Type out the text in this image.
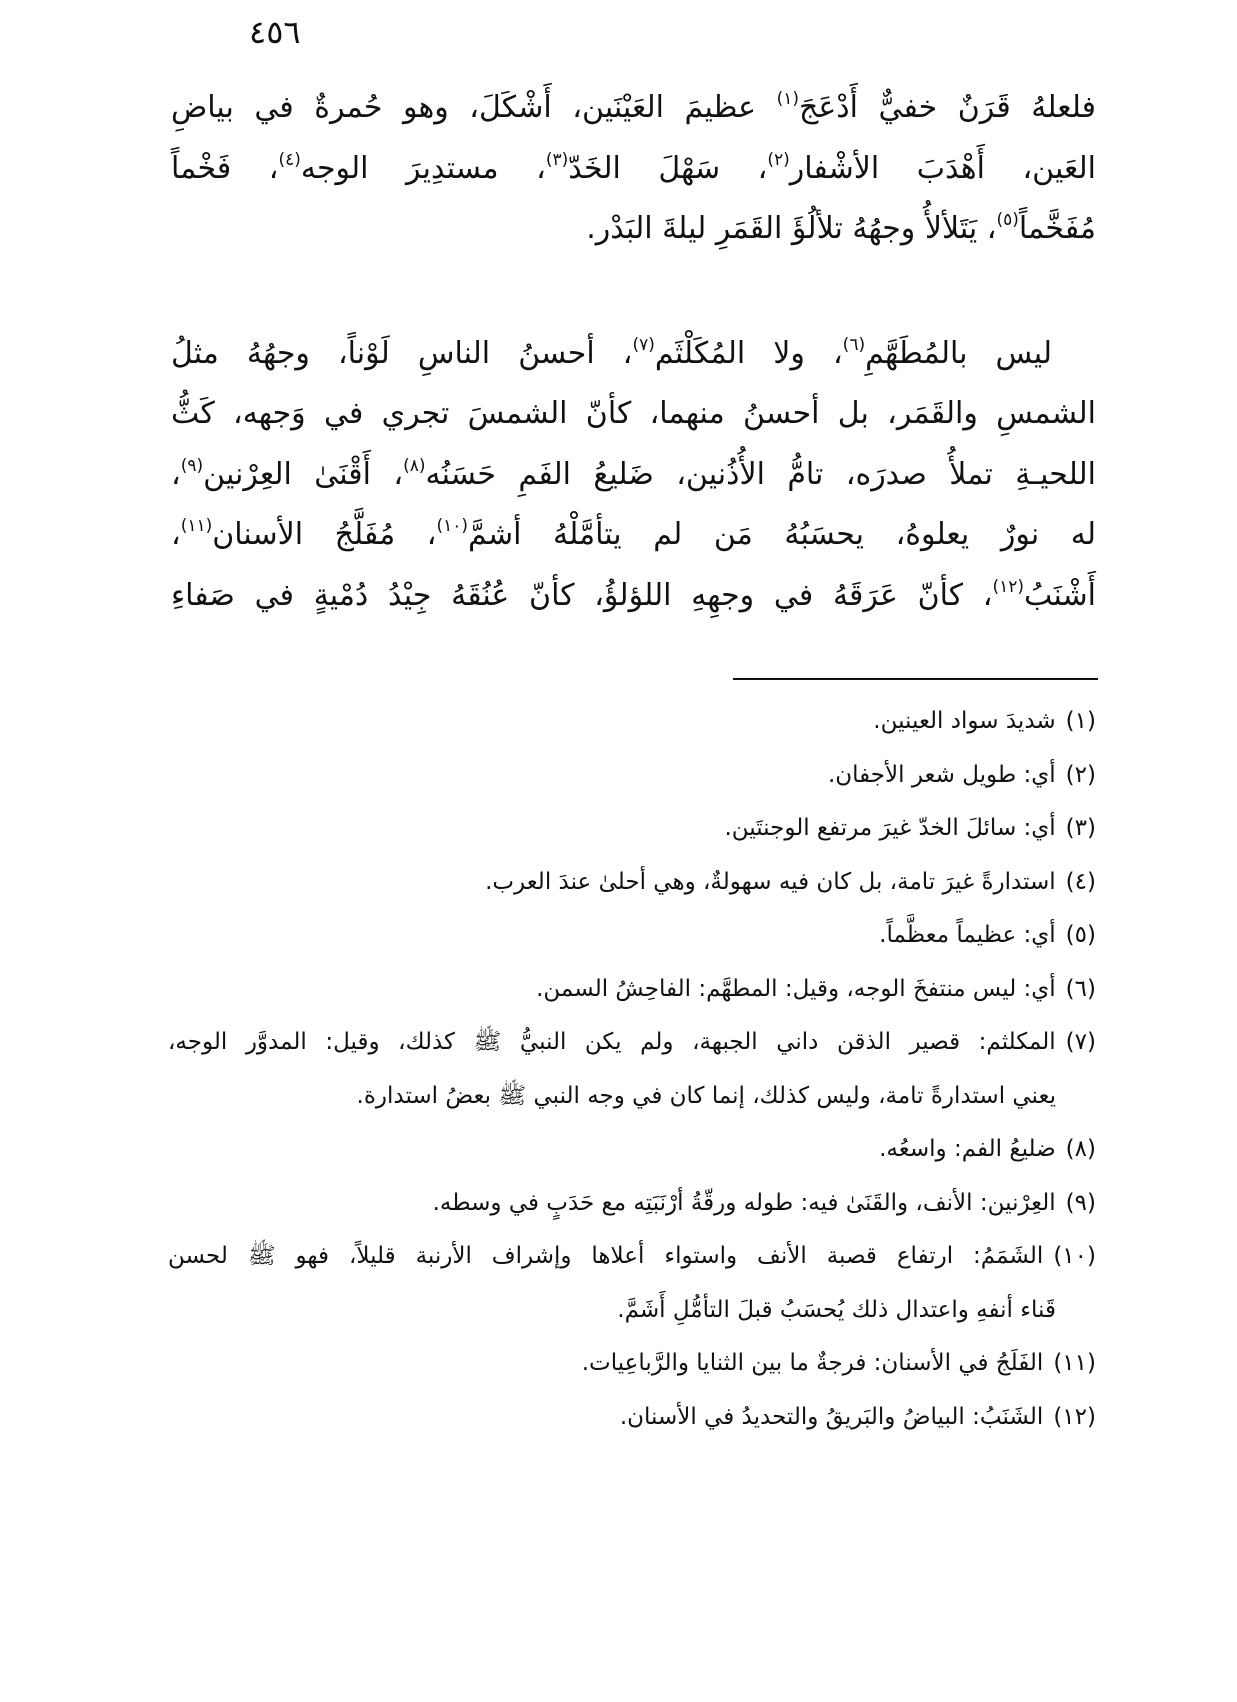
٤٥٦
فلعلهُ قَرَنٌ خفيٌّ أَدْعَجَ$^{(١)}$ عظيمَ العَيْنَين، أَشْكَلَ، وهو حُمرةٌ في بياضِ
العَين، أَهْدَبَ الأشْفار$^{(٢)}$، سَهْلَ الخَدّ$^{(٣)}$، مستدِيرَ الوجه$^{(٤)}$، فَخْماً
مُفَخَّماً$^{(٥)}$، يَتَلألأُ وجهُهُ تلألُؤَ القَمَرِ ليلةَ البَدْر.
ليس بالمُطَهَّمِ$^{(٦)}$، ولا المُكَلْثَم$^{(٧)}$، أحسنُ الناسِ لَوْناً، وجهُهُ مثلُ
الشمسِ والقَمَر، بل أحسنُ منهما، كأنّ الشمسَ تجري في وَجهه، كَثُّ
اللحيـةِ تملأُ صدرَه، تامُّ الأُذُنين، ضَليعُ الفَمِ حَسَنُه$^{(٨)}$، أَقْنَىٰ العِرْنين$^{(٩)}$،
له نورٌ يعلوهُ، يحسَبُهُ مَن لم يتأمَّلْهُ أشمَّ$^{(١٠)}$، مُفَلَّجُ الأسنان$^{(١١)}$،
أَشْنَبُ$^{(١٢)}$، كأنّ عَرَقَهُ في وجهِهِ اللؤلؤُ، كأنّ عُنُقَهُ جِيْدُ دُمْيةٍ في صَفاءِ
(١)شديدَ سواد العينين.
(٢)أي: طويل شعر الأجفان.
(٣)أي: سائلَ الخدّ غيرَ مرتفع الوجنتَين.
(٤)استدارةً غيرَ تامة، بل كان فيه سهولةٌ، وهي أحلىٰ عندَ العرب.
(٥)أي: عظيماً معظَّماً.
(٦)أي: ليس منتفخَ الوجه، وقيل: المطهَّم: الفاحِشُ السمن.
(٧)المكلثم: قصير الذقن داني الجبهة، ولم يكن النبيُّ ﷺ كذلك، وقيل: المدوَّر الوجه،
يعني استدارةً تامة، وليس كذلك، إنما كان في وجه النبي ﷺ بعضُ استدارة.
(٨)ضليعُ الفم: واسعُه.
(٩)العِرْنين: الأنف، والقَنَىٰ فيه: طوله ورقّةُ أرْنَبَتِه مع حَدَبٍ في وسطه.
(١٠)الشَمَمُ: ارتفاع قصبة الأنف واستواء أعلاها وإشراف الأرنبة قليلاً، فهو ﷺ لحسن
قَناء أنفهِ واعتدال ذلك يُحسَبُ قبلَ التأمُّلِ أَشَمَّ.
(١١)الفَلَجُ في الأسنان: فرجةٌ ما بين الثنايا والرَّباعِيات.
(١٢)الشَنَبُ: البياضُ والبَريقُ والتحديدُ في الأسنان.
